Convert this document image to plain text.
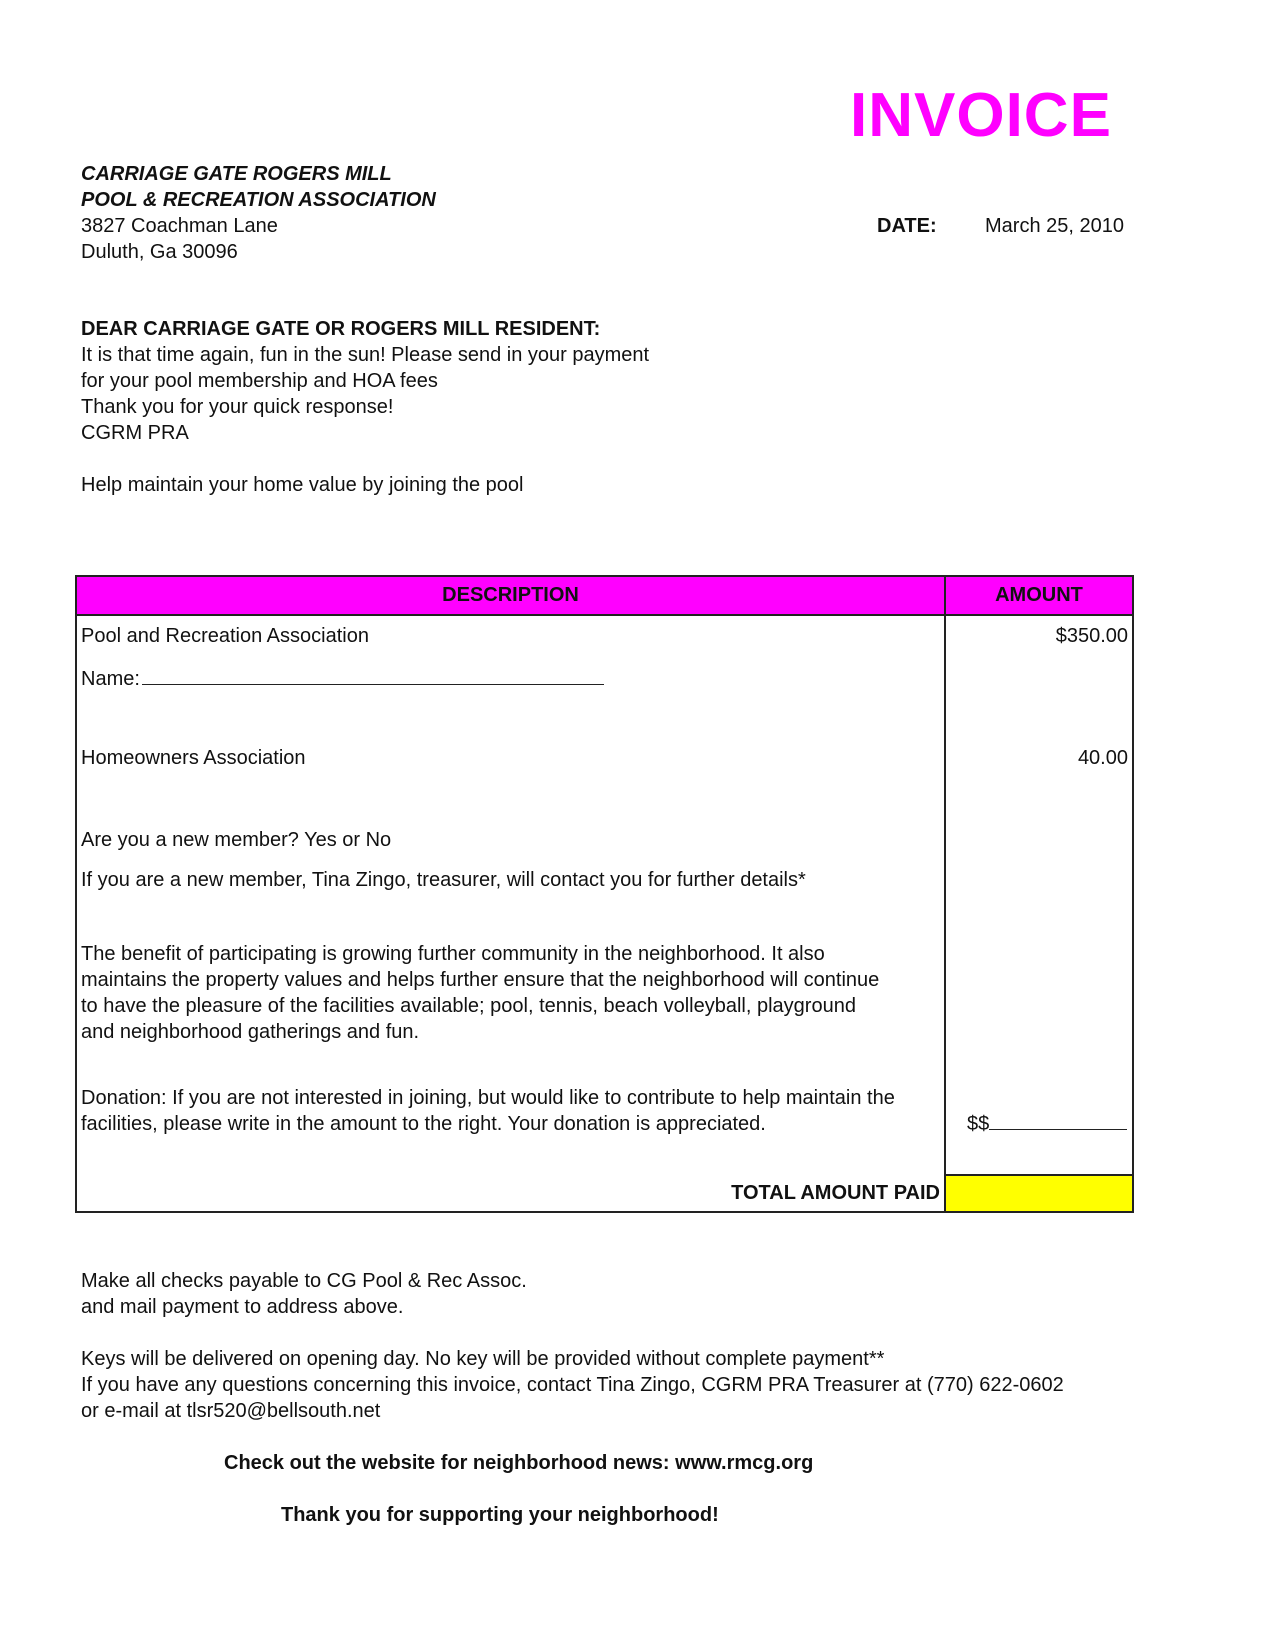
INVOICE
CARRIAGE GATE ROGERS MILL
POOL & RECREATION ASSOCIATION
3827 Coachman Lane
Duluth, Ga 30096
DATE: March 25, 2010
DEAR CARRIAGE GATE OR ROGERS MILL RESIDENT:
It is that time again, fun in the sun! Please send in your payment
for your pool membership and HOA fees
Thank you for your quick response!
CGRM PRA
Help maintain your home value by joining the pool
DESCRIPTION	AMOUNT
Pool and Recreation Association	$350.00
Name:
Homeowners Association	40.00
Are you a new member? Yes or No
If you are a new member, Tina Zingo, treasurer, will contact you for further details*
The benefit of participating is growing further community in the neighborhood. It also maintains the property values and helps further ensure that the neighborhood will continue to have the pleasure of the facilities available; pool, tennis, beach volleyball, playground and neighborhood gatherings and fun.
Donation: If you are not interested in joining, but would like to contribute to help maintain the facilities, please write in the amount to the right. Your donation is appreciated.	$$
TOTAL AMOUNT PAID
Make all checks payable to CG Pool & Rec Assoc.
and mail payment to address above.
Keys will be delivered on opening day. No key will be provided without complete payment**
If you have any questions concerning this invoice, contact Tina Zingo, CGRM PRA Treasurer at (770) 622-0602
or e-mail at tlsr520@bellsouth.net
Check out the website for neighborhood news: www.rmcg.org
Thank you for supporting your neighborhood!
